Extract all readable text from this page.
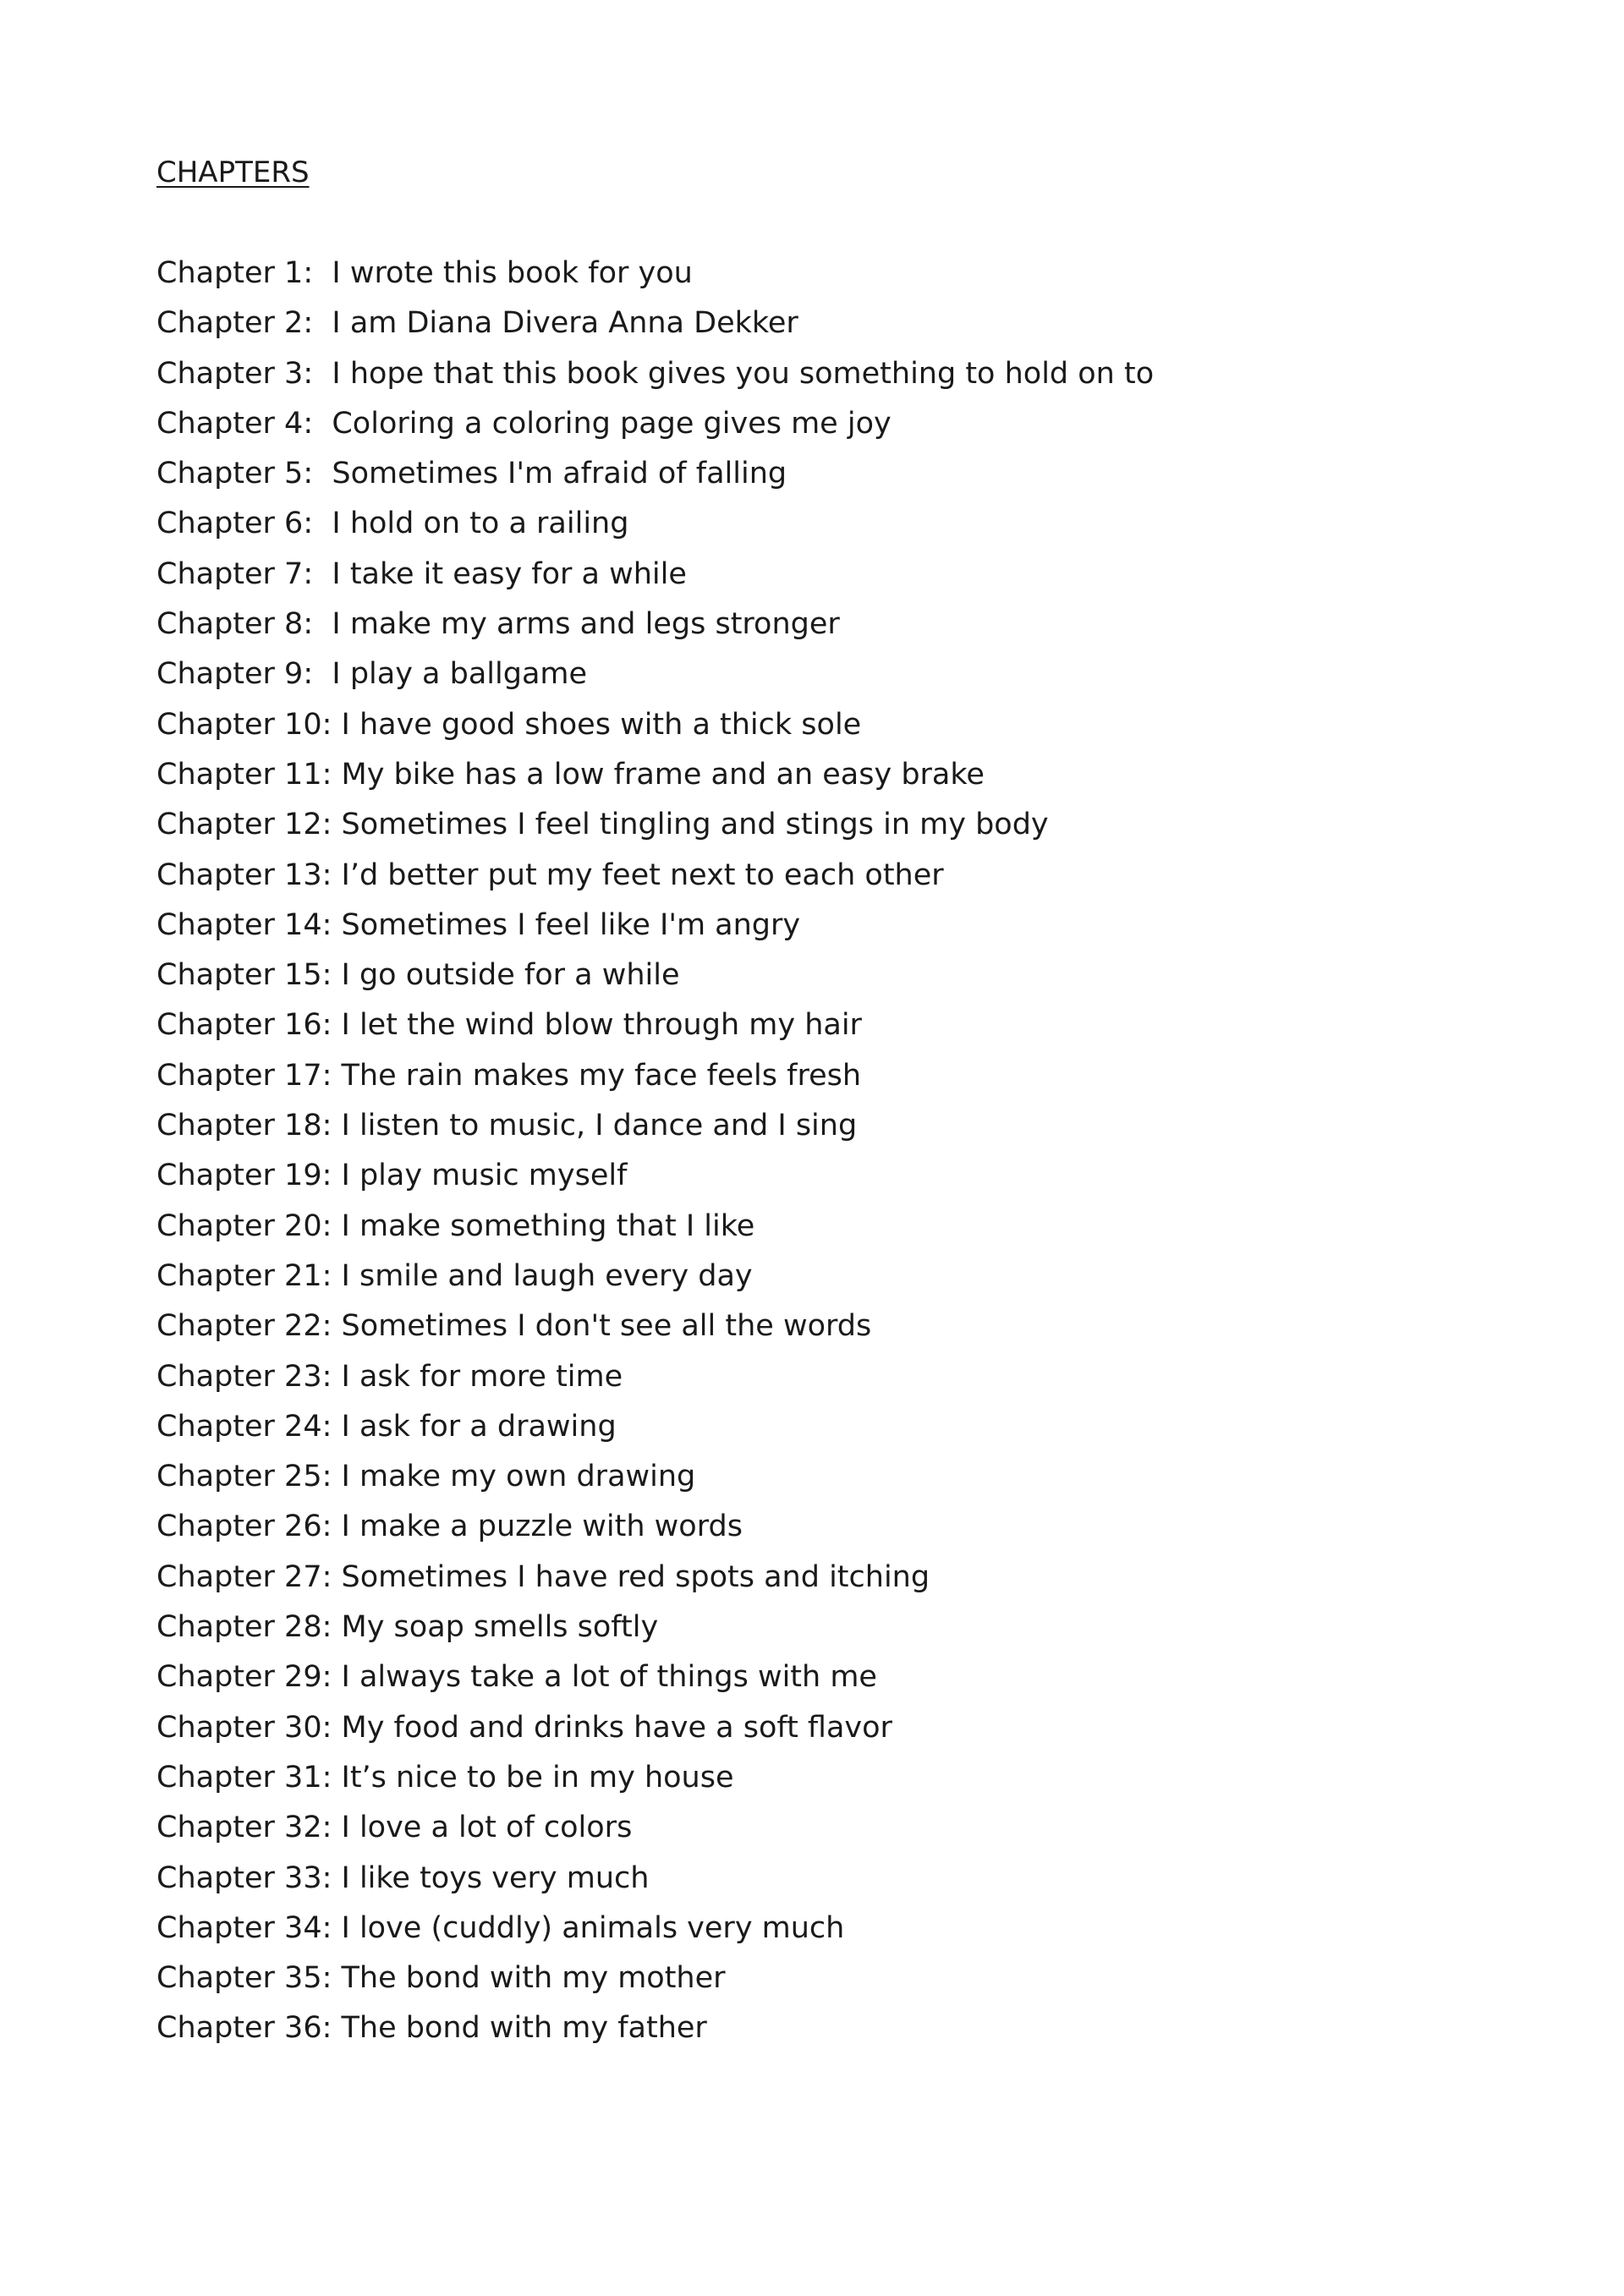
CHAPTERS
Chapter 1:  I wrote this book for you
Chapter 2:  I am Diana Divera Anna Dekker
Chapter 3:  I hope that this book gives you something to hold on to
Chapter 4:  Coloring a coloring page gives me joy
Chapter 5:  Sometimes I'm afraid of falling
Chapter 6:  I hold on to a railing
Chapter 7:  I take it easy for a while
Chapter 8:  I make my arms and legs stronger
Chapter 9:  I play a ballgame
Chapter 10: I have good shoes with a thick sole
Chapter 11: My bike has a low frame and an easy brake
Chapter 12: Sometimes I feel tingling and stings in my body
Chapter 13: I’d better put my feet next to each other
Chapter 14: Sometimes I feel like I'm angry
Chapter 15: I go outside for a while
Chapter 16: I let the wind blow through my hair
Chapter 17: The rain makes my face feels fresh
Chapter 18: I listen to music, I dance and I sing
Chapter 19: I play music myself
Chapter 20: I make something that I like
Chapter 21: I smile and laugh every day
Chapter 22: Sometimes I don't see all the words
Chapter 23: I ask for more time
Chapter 24: I ask for a drawing
Chapter 25: I make my own drawing
Chapter 26: I make a puzzle with words
Chapter 27: Sometimes I have red spots and itching
Chapter 28: My soap smells softly
Chapter 29: I always take a lot of things with me
Chapter 30: My food and drinks have a soft flavor
Chapter 31: It’s nice to be in my house
Chapter 32: I love a lot of colors
Chapter 33: I like toys very much
Chapter 34: I love (cuddly) animals very much
Chapter 35: The bond with my mother
Chapter 36: The bond with my father
